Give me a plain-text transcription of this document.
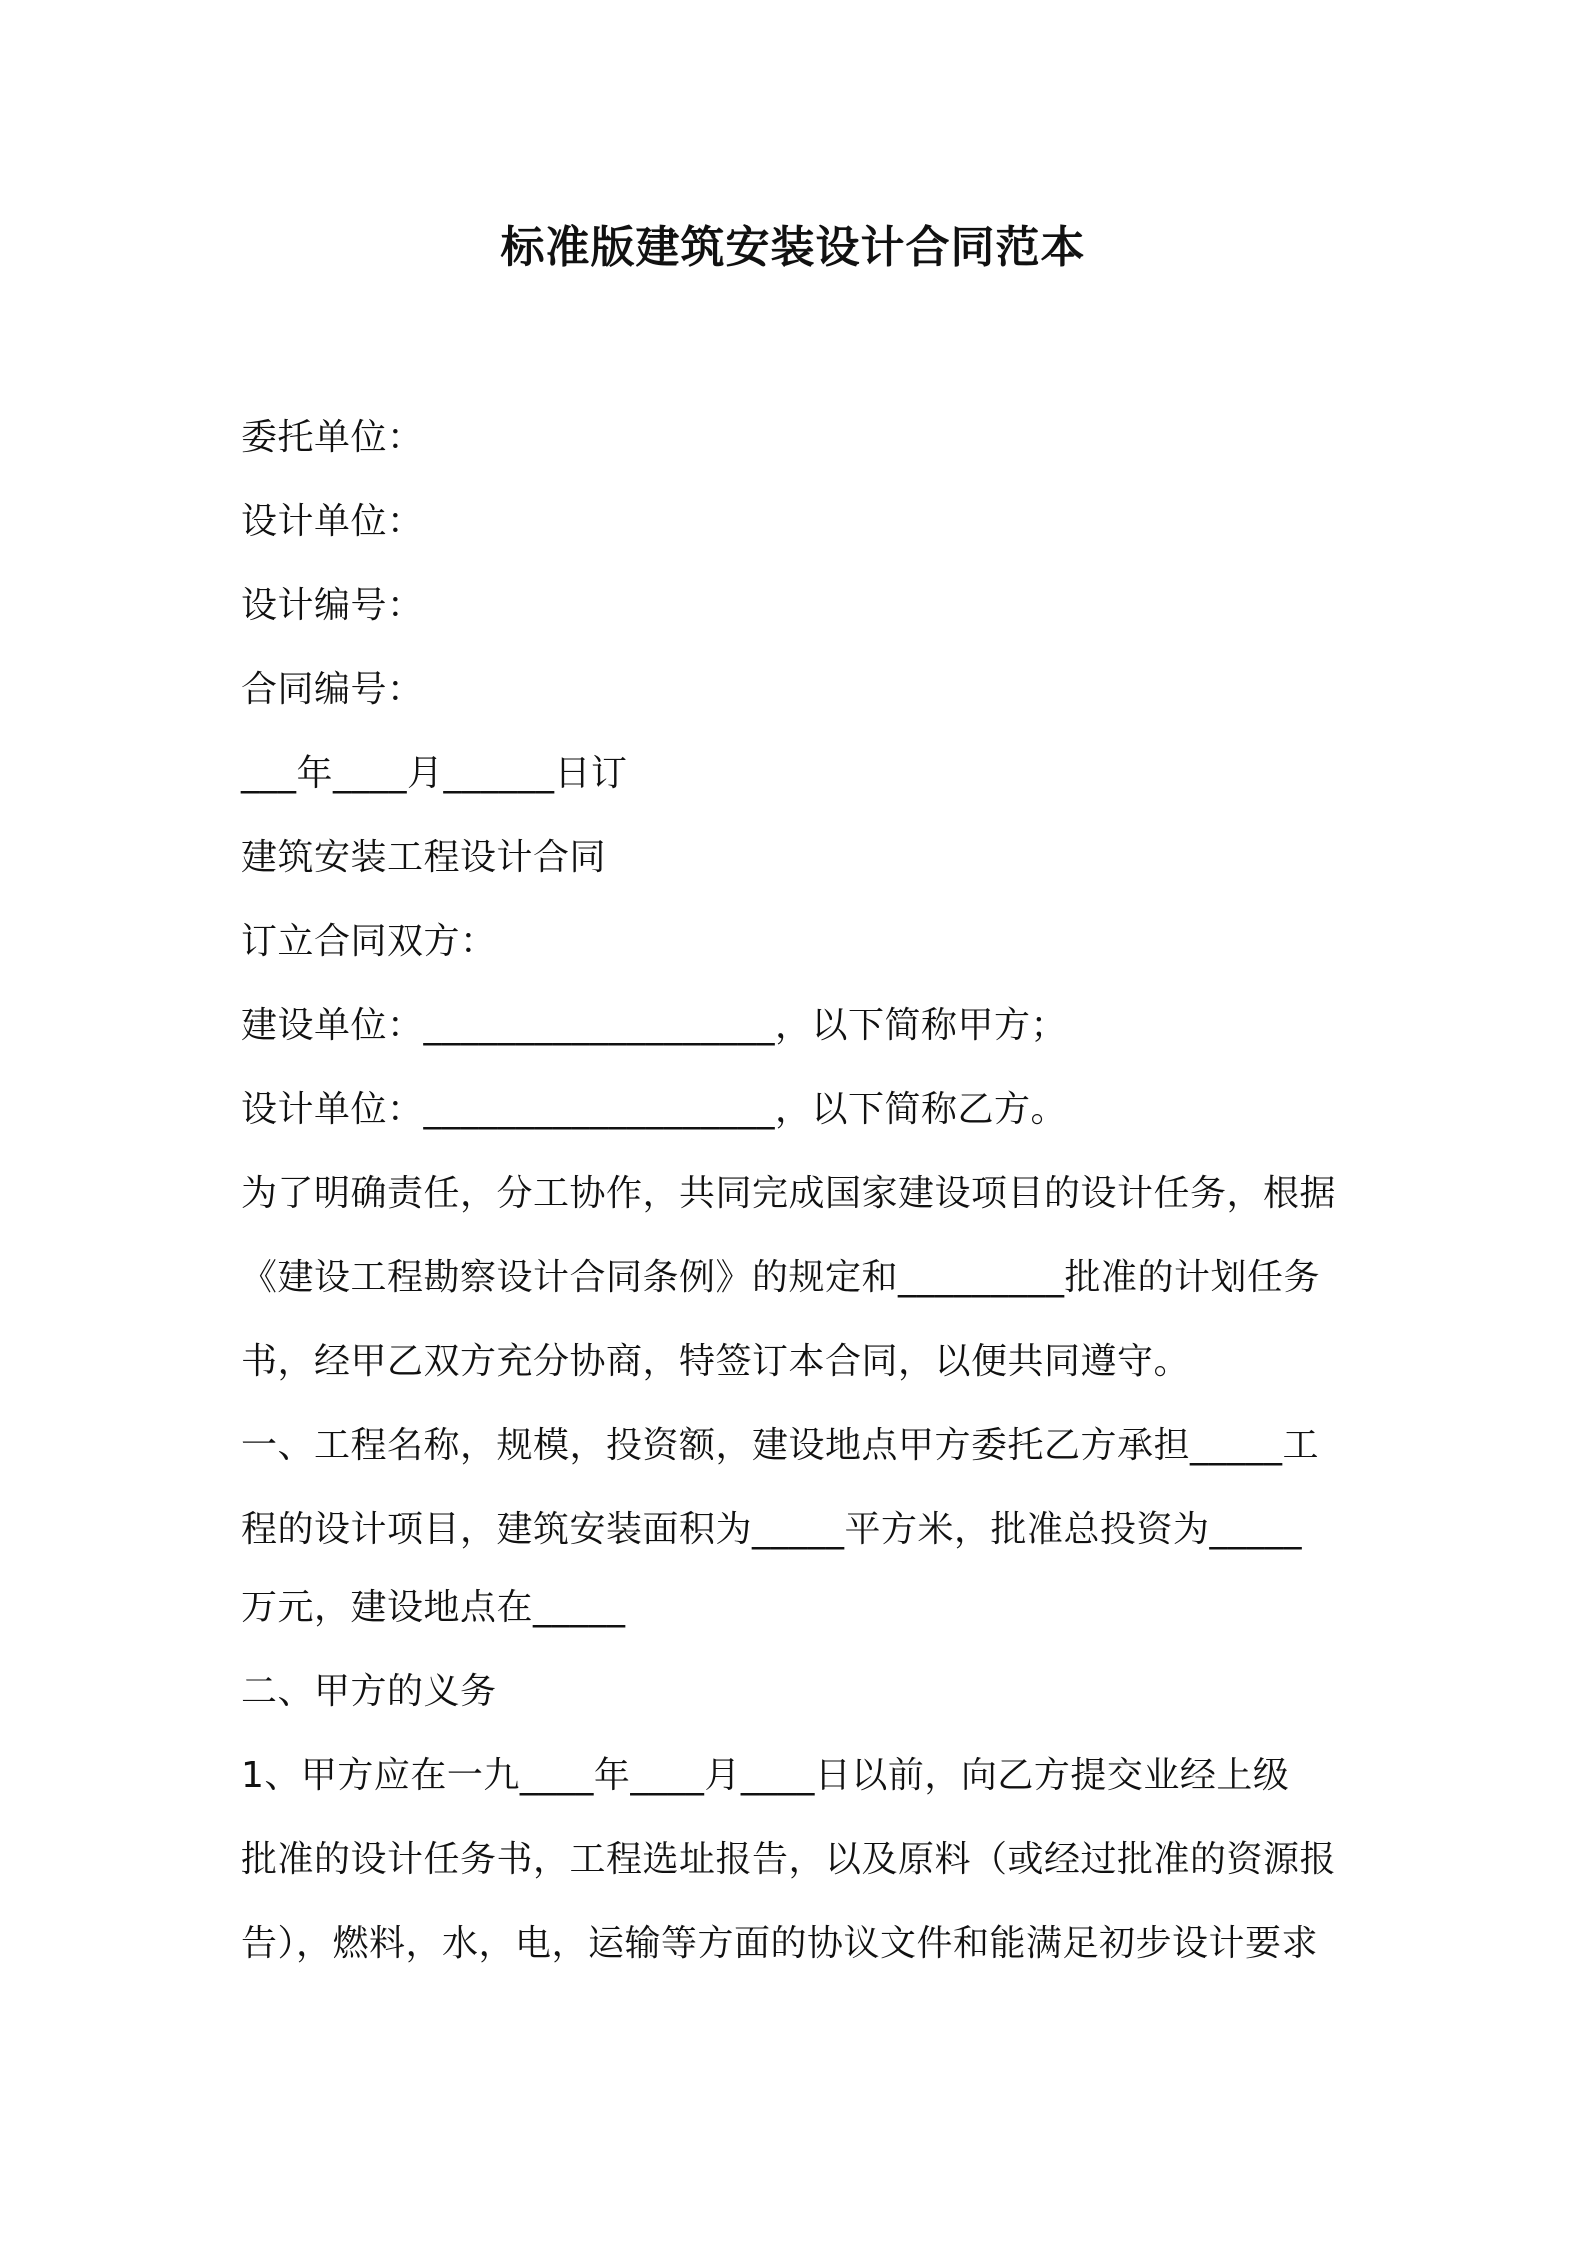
标准版建筑安装设计合同范本
委托单位：
设计单位：
设计编号：
合同编号：
___年____月______日订
建筑安装工程设计合同
订立合同双方：
建设单位：___________________，以下简称甲方；
设计单位：___________________，以下简称乙方。
为了明确责任，分工协作，共同完成国家建设项目的设计任务，根据
《建设工程勘察设计合同条例》的规定和_________批准的计划任务
书，经甲乙双方充分协商，特签订本合同，以便共同遵守。
一、工程名称，规模，投资额，建设地点甲方委托乙方承担_____工
程的设计项目，建筑安装面积为_____平方米，批准总投资为_____
万元，建设地点在_____
二、甲方的义务
1、甲方应在一九____年____月____日以前，向乙方提交业经上级
批准的设计任务书，工程选址报告，以及原料（或经过批准的资源报
告），燃料，水，电，运输等方面的协议文件和能满足初步设计要求
